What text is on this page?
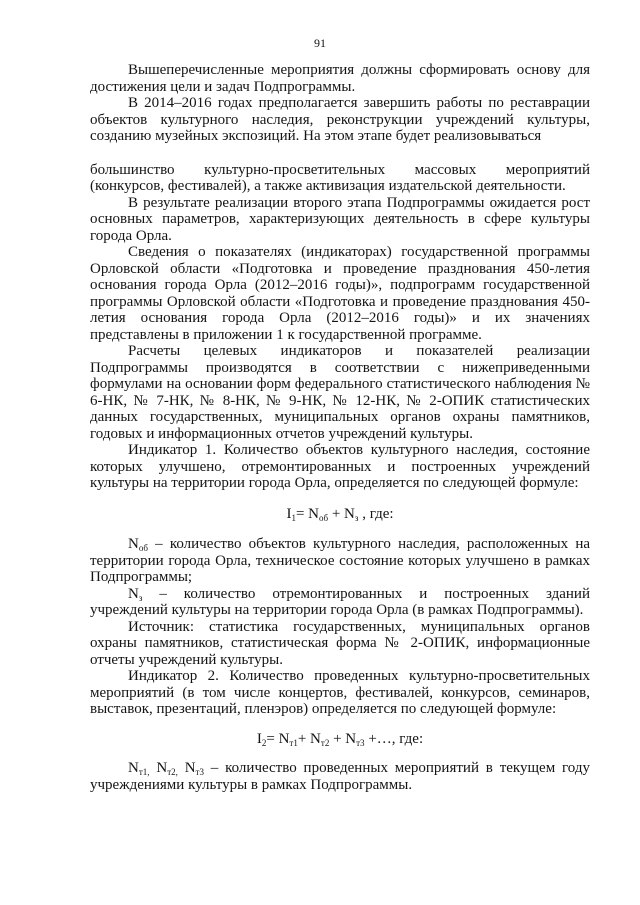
91

Вышеперечисленные мероприятия должны сформировать основу для достижения цели и задач Подпрограммы.

В 2014–2016 годах предполагается завершить работы по реставрации объектов культурного наследия, реконструкции учреждений культуры, созданию музейных экспозиций. На этом этапе будет реализовываться

большинство культурно-просветительных массовых мероприятий (конкурсов, фестивалей), а также активизация издательской деятельности.

В результате реализации второго этапа Подпрограммы ожидается рост основных параметров, характеризующих деятельность в сфере культуры города Орла.

Сведения о показателях (индикаторах) государственной программы Орловской области «Подготовка и проведение празднования 450-летия основания города Орла (2012–2016 годы)», подпрограмм государственной программы Орловской области «Подготовка и проведение празднования 450-летия основания города Орла (2012–2016 годы)» и их значениях представлены в приложении 1 к государственной программе.

Расчеты целевых индикаторов и показателей реализации Подпрограммы производятся в соответствии с нижеприведенными формулами на основании форм федерального статистического наблюдения № 6-НК, № 7-НК, № 8-НК, № 9-НК, № 12-НК, № 2-ОПИК статистических данных государственных, муниципальных органов охраны памятников, годовых и информационных отчетов учреждений культуры.

Индикатор 1. Количество объектов культурного наследия, состояние которых улучшено, отремонтированных и построенных учреждений культуры на территории города Орла, определяется по следующей формуле:

$I_1= N_{об} + N_з$ , где:

$N_{об}$ – количество объектов культурного наследия, расположенных на территории города Орла, техническое состояние которых улучшено в рамках Подпрограммы;

$N_з$ – количество отремонтированных и построенных зданий учреждений культуры на территории города Орла (в рамках Подпрограммы).

Источник: статистика государственных, муниципальных органов охраны памятников, статистическая форма № 2-ОПИК, информационные отчеты учреждений культуры.

Индикатор 2. Количество проведенных культурно-просветительных мероприятий (в том числе концертов, фестивалей, конкурсов, семинаров, выставок, презентаций, пленэров) определяется по следующей формуле:

$I_2= N_{т1}+ N_{т2} + N_{т3}$ +…, где:

$N_{т1,}$ $N_{т2,}$ $N_{т3}$ – количество проведенных мероприятий в текущем году учреждениями культуры в рамках Подпрограммы.
